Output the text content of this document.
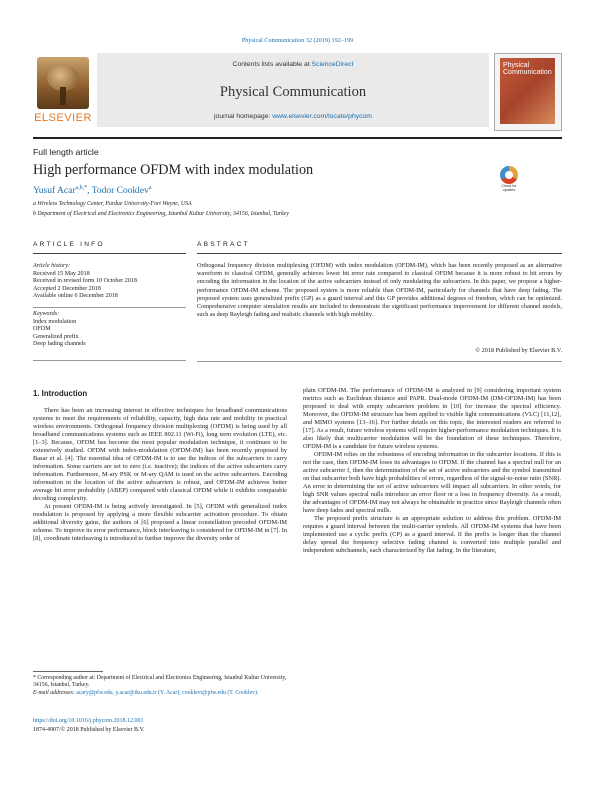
Physical Communication 32 (2019) 192–199
ELSEVIER
Contents lists available at ScienceDirect
Physical Communication
journal homepage: www.elsevier.com/locate/phycom
Physical Communication
Full length article
High performance OFDM with index modulation
Yusuf Acar$^{a,b,*}$, Todor Cooklev$^a$
a Wireless Technology Center, Purdue University-Fort Wayne, USA
b Department of Electrical and Electronics Engineering, Istanbul Kultur University, 34156, Istanbul, Turkey
Check for updates
ARTICLE INFO	ABSTRACT
Article history:
Received 15 May 2018
Received in revised form 10 October 2018
Accepted 2 December 2018
Available online 6 December 2018
Keywords:
Index modulation
OFDM
Generalized prefix
Deep fading channels
Orthogonal frequency division multiplexing (OFDM) with index modulation (OFDM-IM), which has been recently proposed as an alternative waveform to classical OFDM, generally achieves lower bit error rate compared to classical OFDM because it is more robust to bit errors by encoding the information in the location of the active subcarriers instead of only modulating the subcarriers. In this paper, we propose a higher-performance OFDM-IM scheme. The proposed system is more reliable than OFDM-IM, particularly for channels that have deep fading. The proposed system uses generalized prefix (GP) as a guard interval and this GP provides additional degrees of freedom, which can be optimized. Comprehensive computer simulation results are included to demonstrate the significant performance improvement for different channel models, such as deep Rayleigh fading and realistic channels with high mobility.
© 2018 Published by Elsevier B.V.
1. Introduction

There has been an increasing interest in effective techniques for broadband communications systems to meet the requirements of reliability, capacity, high data rate and mobility in practical wireless environments. Orthogonal frequency division multiplexing (OFDM) is being used by all broadband communications systems such as IEEE 802.11 (Wi-Fi), long term evolution (LTE), etc. [1–3]. Because, OFDM has become the most popular modulation technique, it continues to be extensively studied. OFDM with index-modulation (OFDM-IM) has been recently proposed by Basar et al. [4]. The essential idea of OFDM-IM is to use the indices of the subcarriers to carry information. Some carriers are set to zero (i.e. inactive); the indices of the active subcarriers carry information. Furthermore, M-ary PSK or M-ary QAM is used on the active subcarriers. Encoding information in the location of the active subcarriers is robust, and OFDM-IM achieves better average bit error probability (ABEP) compared with classical OFDM while it exhibits comparable decoding complexity.

At present OFDM-IM is being actively investigated. In [5], OFDM with generalized index modulation is proposed by applying a more flexible subcarrier activation procedure. To obtain additional diversity gains, the authors of [6] proposed a linear constellation precoded OFDM-IM scheme. To improve its error performance, block interleaving is considered for OFDM-IM in [7]. In [8], coordinate interleaving is introduced to further improve the diversity order of

plain OFDM-IM. The performance of OFDM-IM is analyzed in [9] considering important system metrics such as Euclidean distance and PAPR. Dual-mode OFDM-IM (DM-OFDM-IM) has been proposed to deal with empty subcarriers problem in [10] for increase the spectral efficiency. Moreover, the OFDM-IM structure has been applied to visible light communications (VLC) [11,12], and MIMO systems [13–16]. For further details on this topic, the interested readers are referred to [17]. As a result, future wireless systems will require higher-performance modulation techniques. It is also likely that multicarrier modulation will be the foundation of these techniques. Therefore, OFDM-IM is a candidate for future wireless systems.

OFDM-IM relies on the robustness of encoding information in the subcarrier locations. If this is not the case, then OFDM-IM loses its advantages to OFDM. If the channel has a spectral null for an active subcarrier f, then the determination of the set of active subcarriers and the symbol transmitted on that subcarrier both have high probabilities of errors, regardless of the signal-to-noise ratio (SNR). An error in determining the set of active subcarriers will impact all subcarriers. In other words, for high SNR values spectral nulls introduce an error floor or a loss in frequency diversity. As a result, the advantages of OFDM-IM may not always be obtainable in practice since Rayleigh channels often have deep fades and spectral nulls.

The proposed prefix structure is an appropriate solution to address this problem. OFDM-IM requires a guard interval between the multi-carrier symbols. All OFDM-IM systems that have been implemented use a cyclic prefix (CP) as a guard interval. If the prefix is longer than the channel delay spread the frequency selective fading channel is converted into multiple parallel and independent subchannels, each characterized by flat fading. In the literature,

* Corresponding author at: Department of Electrical and Electronics Engineering, Istanbul Kultur University, 34156, Istanbul, Turkey.
E-mail addresses: acary@pfw.edu, y.acar@iku.edu.tr (Y. Acar), cooklevt@pfw.edu (T. Cooklev).
https://doi.org/10.1016/j.phycom.2018.12.001
1874-4907/© 2018 Published by Elsevier B.V.
